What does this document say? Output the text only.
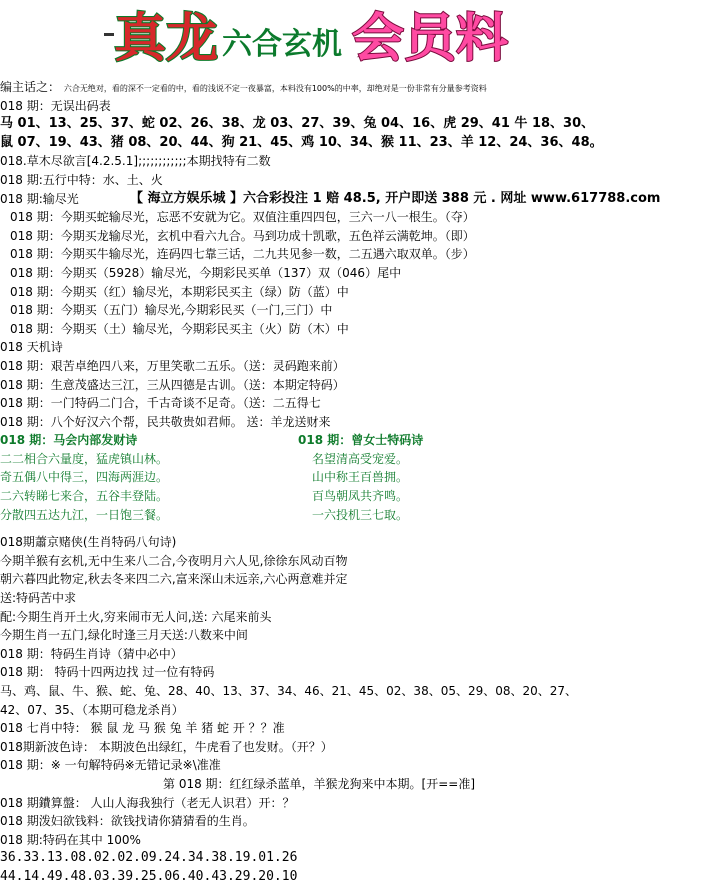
真龙 六合玄机 会员料
编主话之： 六合无绝对，看的深不一定看的中，看的浅说不定一夜暴富，本料没有100%的中率，却绝对是一份非常有分量参考资料
018 期：无误出码表
马 01、13、25、37、蛇 02、26、38、龙 03、27、39、兔 04、16、虎 29、41 牛 18、30、
鼠 07、19、43、猪 08、20、44、狗 21、45、鸡 10、34、猴 11、23、羊 12、24、36、48。
018.草木尽欲言[4.2.5.1];;;;;;;;;;;;本期找特有二数
018 期:五行中特：水、土、火
018 期:输尽光	【 海立方娱乐城 】六合彩投注 1 赔 48.5, 开户即送 388 元 . 网址 www.617788.com
018 期：今期买蛇输尽光，忘恶不安就为它。双值注重四四包，三六一八一根生。（夺）
018 期：今期买龙输尽光，玄机中看六九合。马到功成十凯歌，五色祥云满乾坤。（即）
018 期：今期买牛输尽光，连码四七靠三话，二九共见参一数，二五遇六取双单。（步）
018 期：今期买（5928）输尽光，今期彩民买单（137）双（046）尾中
018 期：今期买（红）输尽光，本期彩民买主（绿）防（蓝）中
018 期：今期买（五门）输尽光,今期彩民买（一门,三门）中
018 期：今期买（土）输尽光，今期彩民买主（火）防（木）中
018 天机诗
018 期：艰苦卓绝四八来，万里笑歌二五乐。（送：灵码跑来前）
018 期：生意茂盛达三江，三从四德是古训。（送：本期定特码）
018 期：一门特码二门合，千古奇谈不足奇。（送：二五得七
018 期：八个好汉六个帮，民共敬贵如君师。 送：羊龙送财来
018 期：马会内部发财诗	018 期：曾女士特码诗
二二相合六量度，猛虎镇山林。	名望清高受宠爱。
奇五偶八中得三，四海两涯边。	山中称王百兽拥。
二六转睇七来合，五谷丰登陆。	百鸟朝凤共齐鸣。
分散四五达九江，一日饱三餐。	一六投机三七取。
018期蕭京赌侠(生肖特码八句诗)
今期羊猴有玄机,无中生来八二合,今夜明月六人见,徐徐东风动百物
朝六暮四此物定,秋去冬来四二六,富来深山未远亲,六心两意难并定
送:特码苦中求
配:今期生肖开土火,穷来闹市无人问,送: 六尾来前头
今期生肖一五门,绿化时逢三月天送:八数来中间
018 期：特码生肖诗（猜中必中）
018 期： 特码十四两边找 过一位有特码
马、鸡、鼠、牛、猴、蛇、兔、28、40、13、37、34、46、21、45、02、38、05、29、08、20、27、
42、07、35、（本期可稳龙杀肖）
018 七肖中特： 猴 鼠 龙 马 猴 兔 羊 猪 蛇 开 ？？准
018期新波色诗： 本期波色出绿红，牛虎看了也发财。（开？）
018 期：※ 一句解特码※无错记录※\准准
第 018 期：红红绿杀蓝单，羊猴龙狗来中本期。[开==准]
018 期鐨算盤： 人山人海我独行（老无人识君）开：？
018 期泼妇欲钱料：欲钱找请你猜猜看的生肖。
018 期:特码在其中 100%
36.33.13.08.02.02.09.24.34.38.19.01.26
44.14.49.48.03.39.25.06.40.43.29.20.10
